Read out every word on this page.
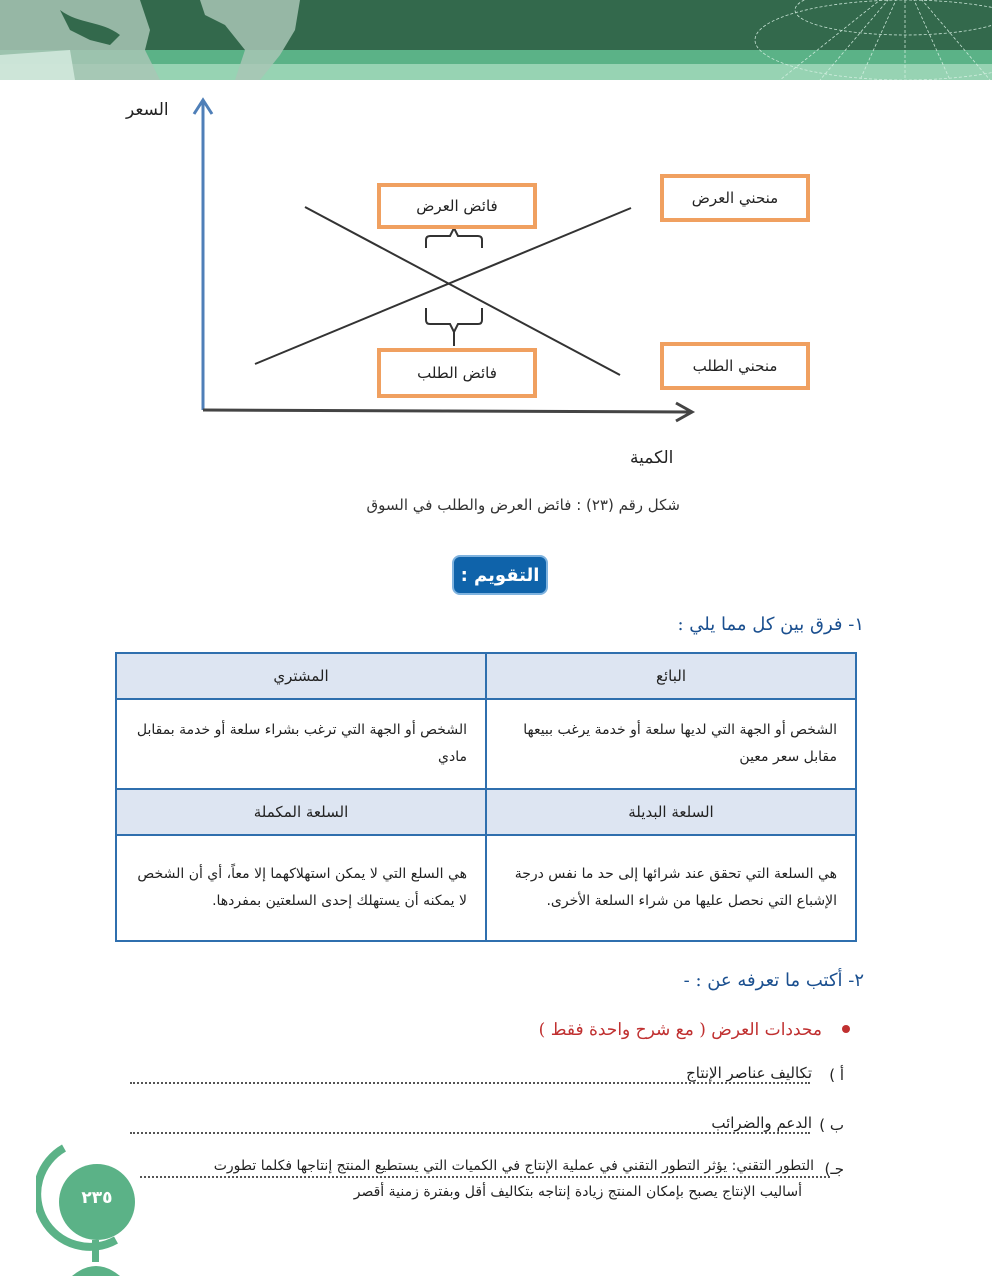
السعر
الكمية
فائض العرض
فائض الطلب
منحني العرض
منحني الطلب
شكل رقم (٢٣) : فائض العرض والطلب في السوق
التقويم :
١- فرق بين كل مما يلي :
البائع	المشتري
الشخص أو الجهة التي لديها سلعة أو خدمة يرغب ببيعها مقابل سعر معين	الشخص أو الجهة التي ترغب بشراء سلعة أو خدمة بمقابل مادي
السلعة البديلة	السلعة المكملة
هي السلعة التي تحقق عند شرائها إلى حد ما نفس درجة الإشباع التي نحصل عليها من شراء السلعة الأخرى.	هي السلع التي لا يمكن استهلاكهما إلا معاً، أي أن الشخص لا يمكنه أن يستهلك إحدى السلعتين بمفردها.
٢- أكتب ما تعرفه عن : -
محددات العرض ( مع شرح واحدة فقط )
أ )
تكاليف عناصر الإنتاج
ب )
الدعم والضرائب
جـ)
التطور التقني: يؤثر التطور التقني في عملية الإنتاج في الكميات التي يستطيع المنتج إنتاجها فكلما تطورت
أساليب الإنتاج يصبح بإمكان المنتج زيادة إنتاجه بتكاليف أقل وبفترة زمنية أقصر
٢٣٥
